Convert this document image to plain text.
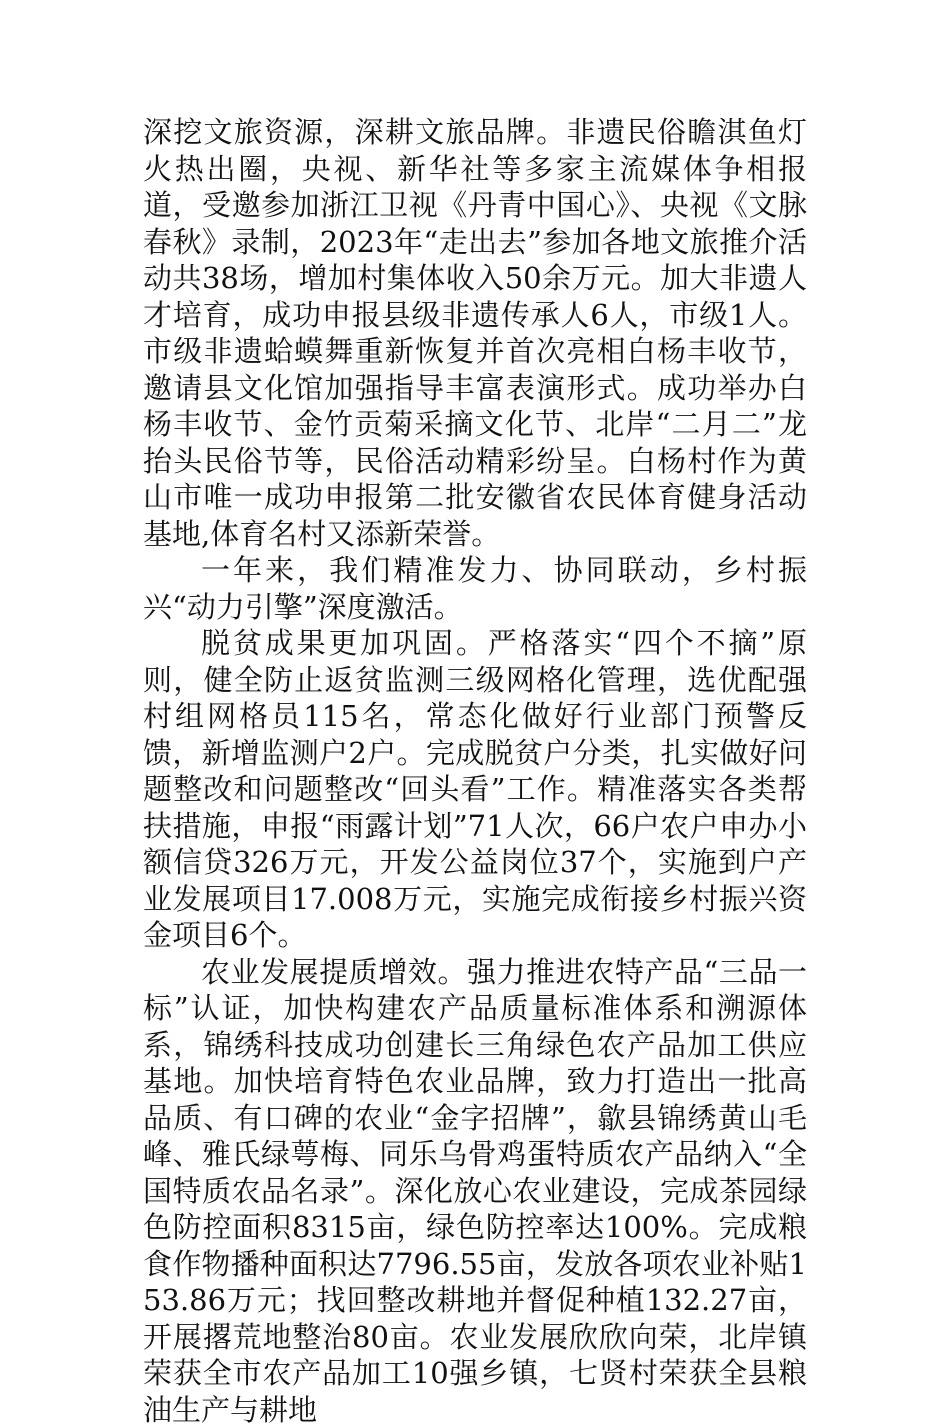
深挖文旅资源，深耕文旅品牌。非遗民俗瞻淇鱼灯火热出圈，央视、新华社等多家主流媒体争相报道，受邀参加浙江卫视《丹青中国心》、央视《文脉春秋》录制，2023年“走出去”参加各地文旅推介活动共38场，增加村集体收入50余万元。加大非遗人才培育，成功申报县级非遗传承人6人，市级1人。市级非遗蛤蟆舞重新恢复并首次亮相白杨丰收节，邀请县文化馆加强指导丰富表演形式。成功举办白杨丰收节、金竹贡菊采摘文化节、北岸“二月二”龙抬头民俗节等，民俗活动精彩纷呈。白杨村作为黄山市唯一成功申报第二批安徽省农民体育健身活动基地,体育名村又添新荣誉。

一年来，我们精准发力、协同联动，乡村振兴“动力引擎”深度激活。

脱贫成果更加巩固。严格落实“四个不摘”原则，健全防止返贫监测三级网格化管理，选优配强村组网格员115名，常态化做好行业部门预警反馈，新增监测户2户。完成脱贫户分类，扎实做好问题整改和问题整改“回头看”工作。精准落实各类帮扶措施，申报“雨露计划”71人次，66户农户申办小额信贷326万元，开发公益岗位37个，实施到户产业发展项目17.008万元，实施完成衔接乡村振兴资金项目6个。

农业发展提质增效。强力推进农特产品“三品一标”认证，加快构建农产品质量标准体系和溯源体系，锦绣科技成功创建长三角绿色农产品加工供应基地。加快培育特色农业品牌，致力打造出一批高品质、有口碑的农业“金字招牌”，歙县锦绣黄山毛峰、雅氏绿萼梅、同乐乌骨鸡蛋特质农产品纳入“全国特质农品名录”。深化放心农业建设，完成茶园绿色防控面积8315亩，绿色防控率达100%。完成粮食作物播种面积达7796.55亩，发放各项农业补贴153.86万元；找回整改耕地并督促种植132.27亩，开展撂荒地整治80亩。农业发展欣欣向荣，北岸镇荣获全市农产品加工10强乡镇，七贤村荣获全县粮油生产与耕地
